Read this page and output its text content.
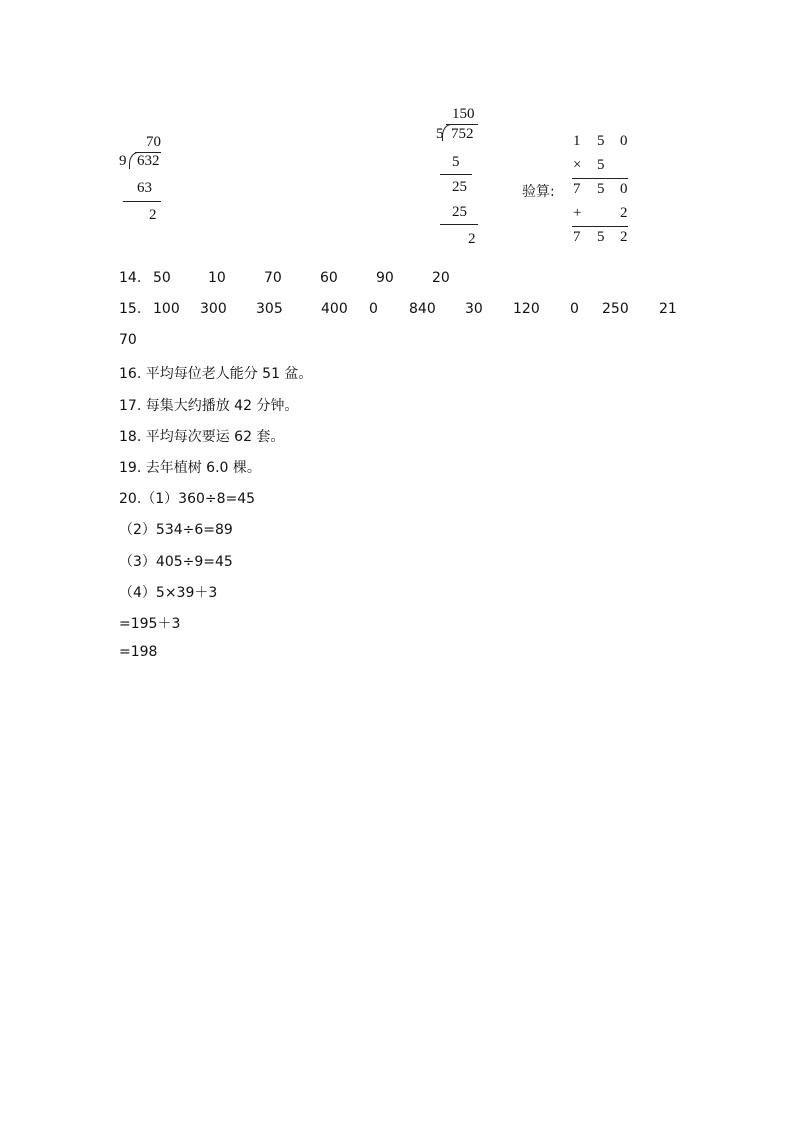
70
9 632
63
2
150
5 752
5
25
25
2
验算:
1 5 0
× 5
7 5 0
+	2
7 5 2
14. 50	10	70	60	90	20
15. 100 300 305	400 0 840 30 120 0 250 21
70
16. 平均每位老人能分 51 盆。
17. 每集大约播放 42 分钟。
18. 平均每次要运 62 套。
19. 去年植树 6.0 棵。
20.（1）360÷8=45
（2）534÷6=89
（3）405÷9=45
（4）5×39＋3
=195＋3
=198
